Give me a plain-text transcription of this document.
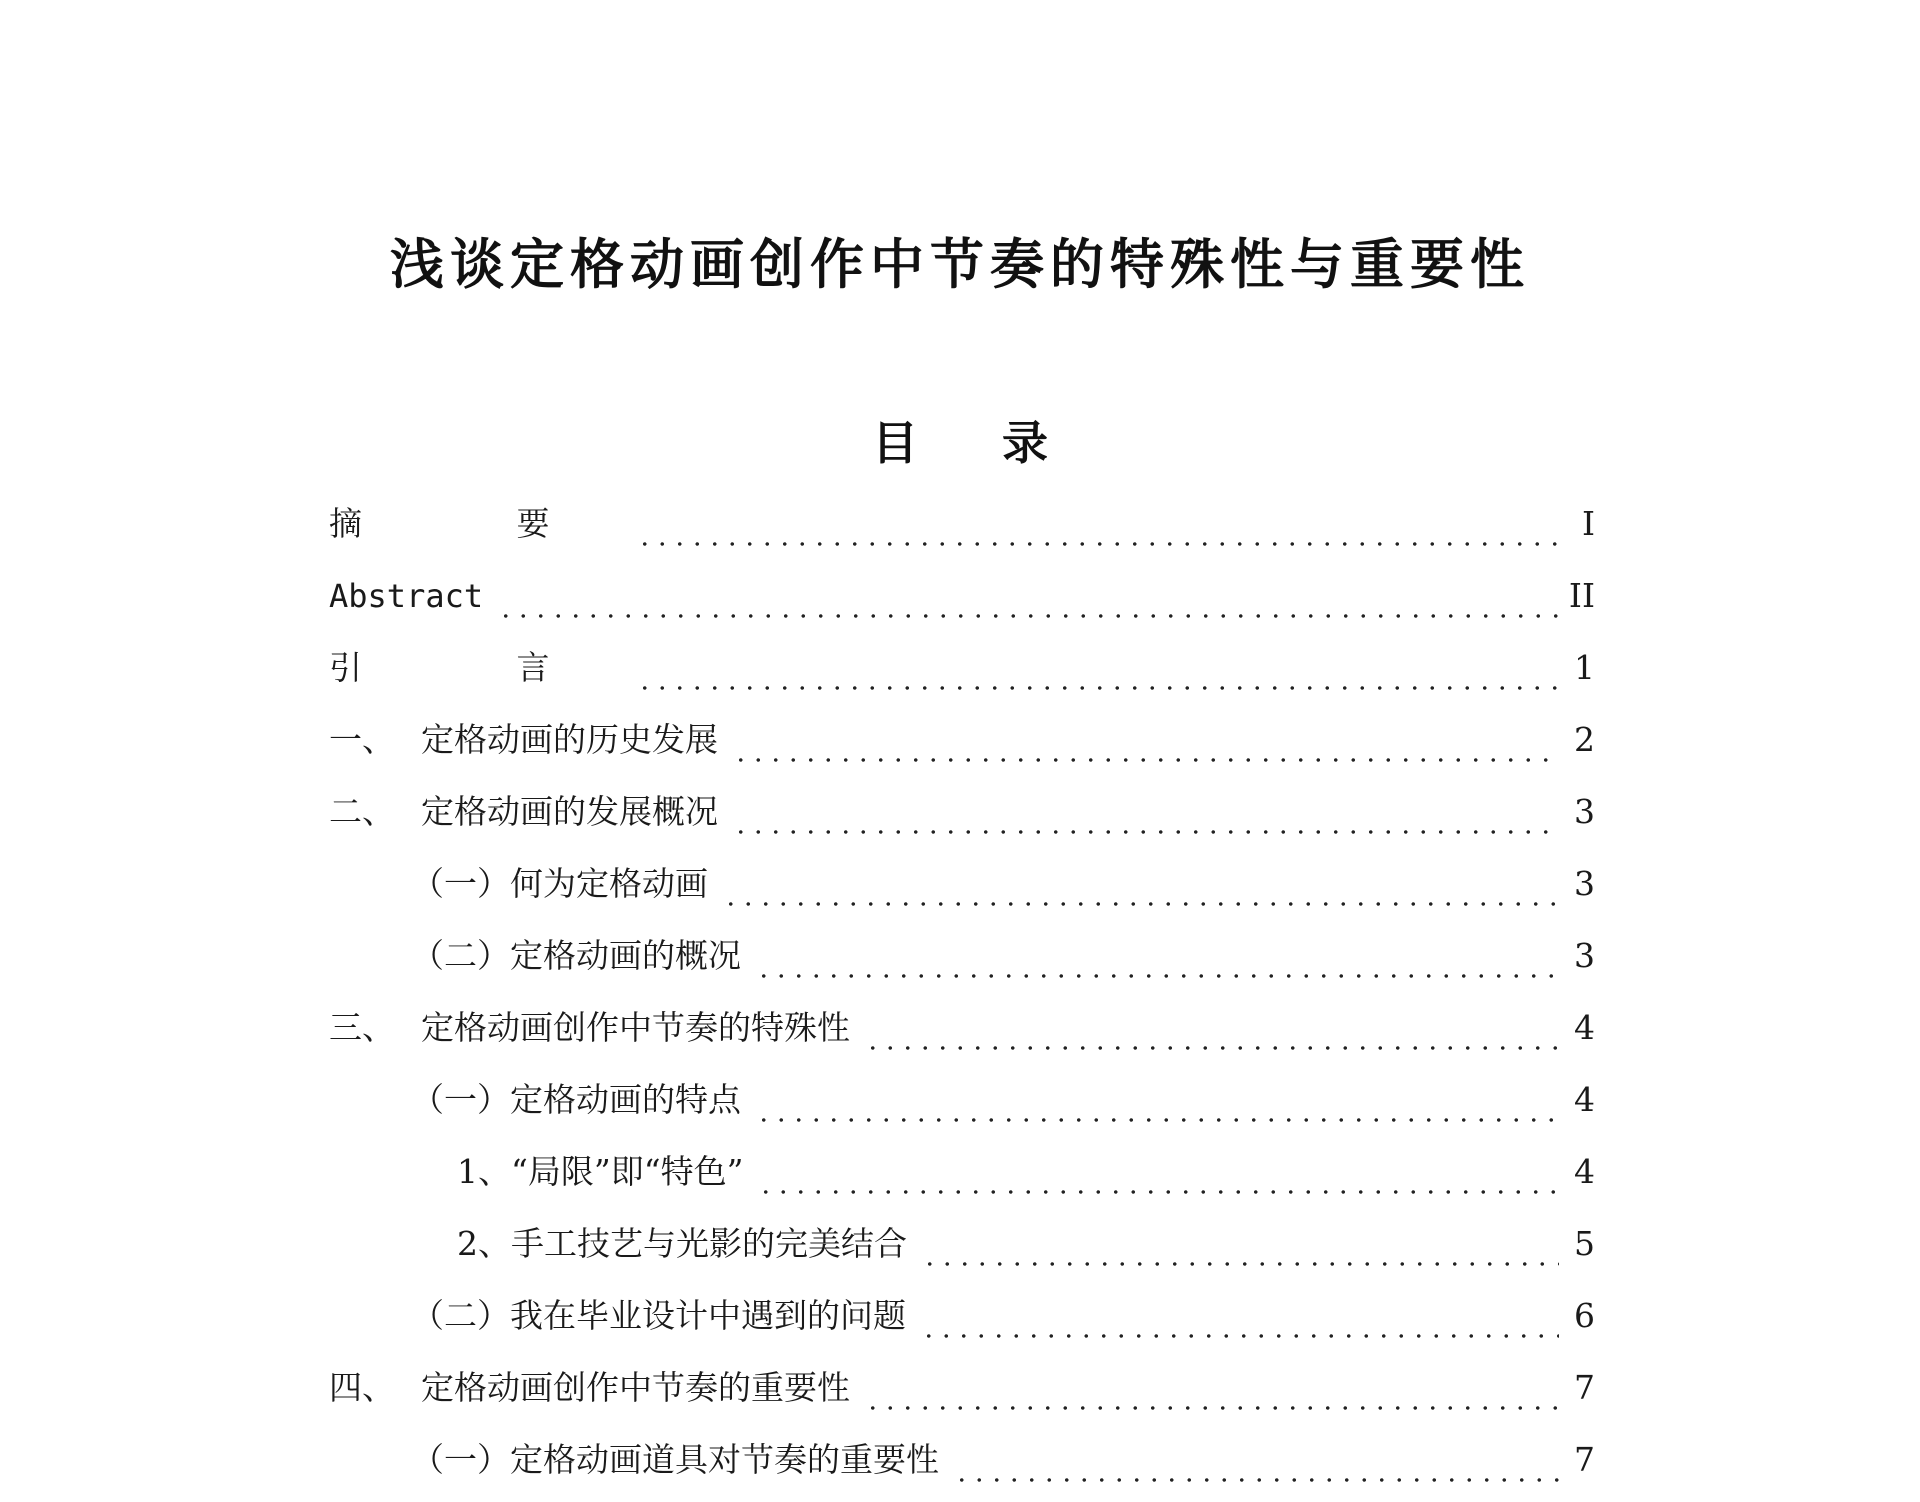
浅谈定格动画创作中节奏的特殊性与重要性
目 录
摘 要	I
Abstract	II
引 言	1
一、 定格动画的历史发展	2
二、 定格动画的发展概况	3
（一）何为定格动画	3
（二）定格动画的概况	3
三、 定格动画创作中节奏的特殊性	4
（一）定格动画的特点	4
1、“局限”即“特色”	4
2、手工技艺与光影的完美结合	5
（二）我在毕业设计中遇到的问题	6
四、 定格动画创作中节奏的重要性	7
（一）定格动画道具对节奏的重要性	7
